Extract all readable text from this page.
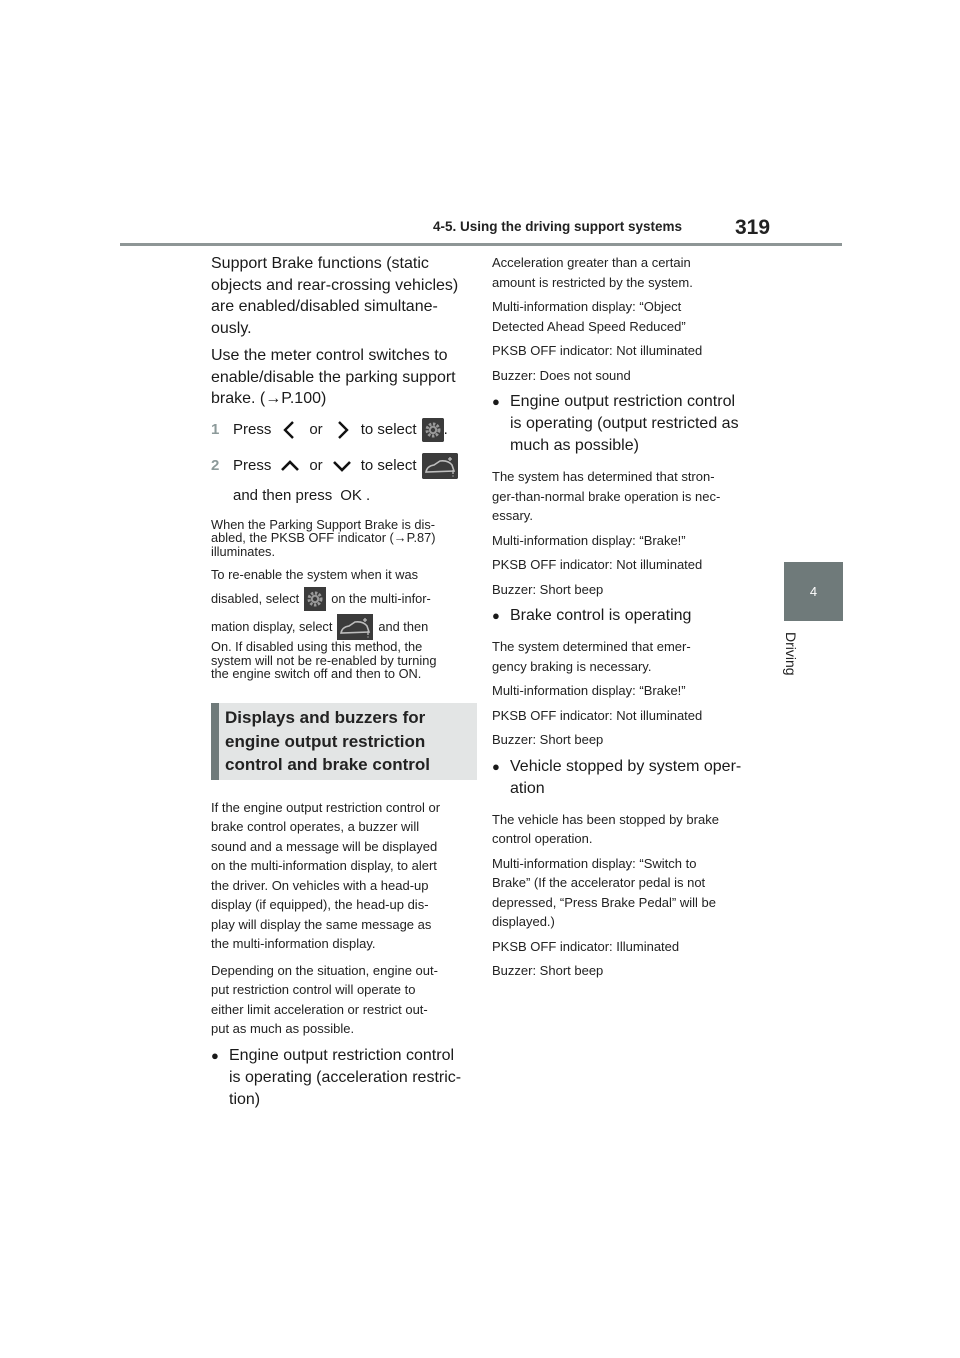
4-5. Using the driving support systems	319
4
Driving
Support Brake functions (static
objects and rear-crossing vehicles)
are enabled/disabled simultane-
ously.
Use the meter control switches to
enable/disable the parking support
brake. (→P.100)
1 Press	or	to select .
2 Press	or	to select
and then press OK .
When the Parking Support Brake is dis-
abled, the PKSB OFF indicator (→P.87)
illuminates.
To re-enable the system when it was
disabled, select	on the multi-infor-
mation display, select	and then
On. If disabled using this method, the
system will not be re-enabled by turning
the engine switch off and then to ON.
Displays and buzzers for
engine output restriction
control and brake control
If the engine output restriction control or
brake control operates, a buzzer will
sound and a message will be displayed
on the multi-information display, to alert
the driver. On vehicles with a head-up
display (if equipped), the head-up dis-
play will display the same message as
the multi-information display.
Depending on the situation, engine out-
put restriction control will operate to
either limit acceleration or restrict out-
put as much as possible.
● Engine output restriction control
is operating (acceleration restric-
tion)
Acceleration greater than a certain
amount is restricted by the system.
Multi-information display: “Object
Detected Ahead Speed Reduced”
PKSB OFF indicator: Not illuminated
Buzzer: Does not sound
● Engine output restriction control
is operating (output restricted as
much as possible)
The system has determined that stron-
ger-than-normal brake operation is nec-
essary.
Multi-information display: “Brake!”
PKSB OFF indicator: Not illuminated
Buzzer: Short beep
● Brake control is operating
The system determined that emer-
gency braking is necessary.
Multi-information display: “Brake!”
PKSB OFF indicator: Not illuminated
Buzzer: Short beep
● Vehicle stopped by system oper-
ation
The vehicle has been stopped by brake
control operation.
Multi-information display: “Switch to
Brake” (If the accelerator pedal is not
depressed, “Press Brake Pedal” will be
displayed.)
PKSB OFF indicator: Illuminated
Buzzer: Short beep
